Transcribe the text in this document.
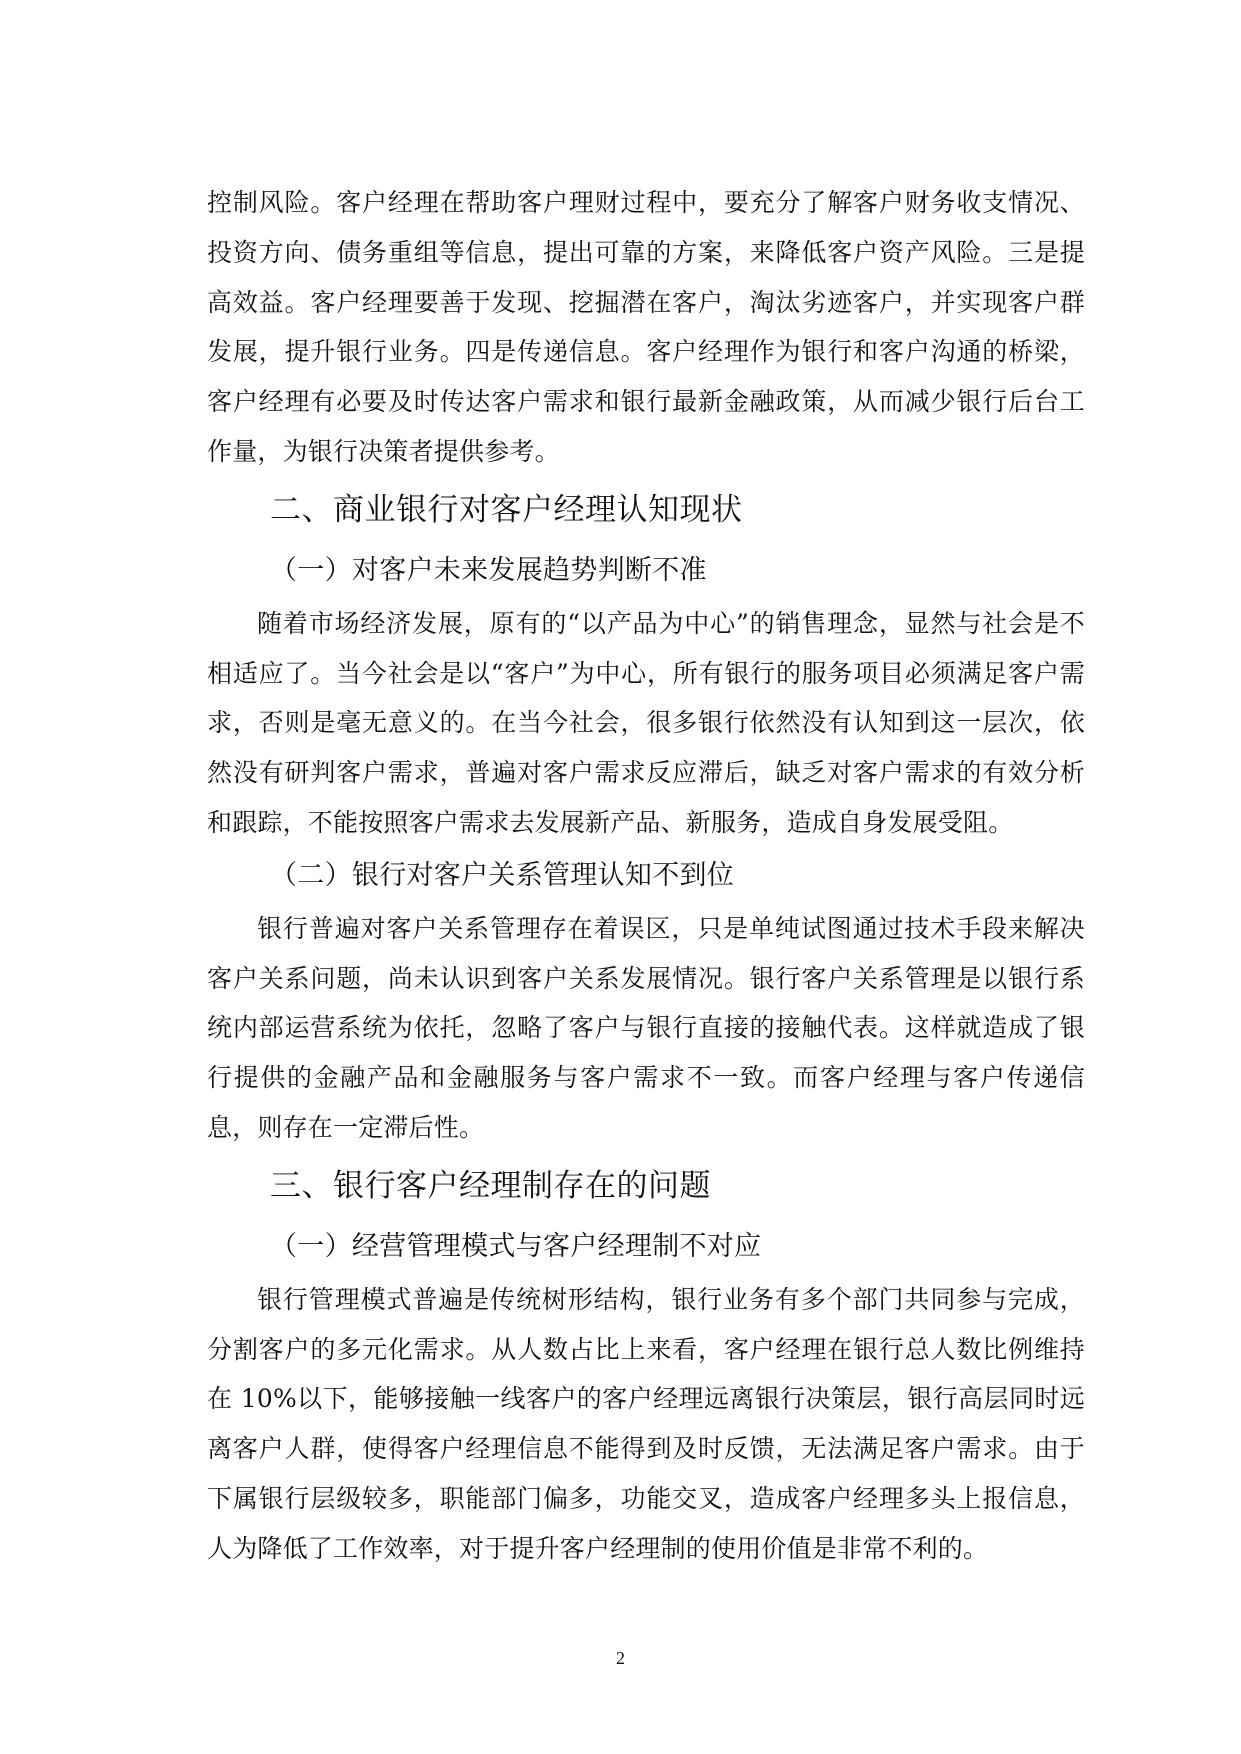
控制风险。客户经理在帮助客户理财过程中，要充分了解客户财务收支情况、投资方向、债务重组等信息，提出可靠的方案，来降低客户资产风险。三是提高效益。客户经理要善于发现、挖掘潜在客户，淘汰劣迹客户，并实现客户群发展，提升银行业务。四是传递信息。客户经理作为银行和客户沟通的桥梁，客户经理有必要及时传达客户需求和银行最新金融政策，从而减少银行后台工作量，为银行决策者提供参考。

二、商业银行对客户经理认知现状
（一）对客户未来发展趋势判断不准

随着市场经济发展，原有的“以产品为中心”的销售理念，显然与社会是不相适应了。当今社会是以“客户”为中心，所有银行的服务项目必须满足客户需求，否则是毫无意义的。在当今社会，很多银行依然没有认知到这一层次，依然没有研判客户需求，普遍对客户需求反应滞后，缺乏对客户需求的有效分析和跟踪，不能按照客户需求去发展新产品、新服务，造成自身发展受阻。

（二）银行对客户关系管理认知不到位

银行普遍对客户关系管理存在着误区，只是单纯试图通过技术手段来解决客户关系问题，尚未认识到客户关系发展情况。银行客户关系管理是以银行系统内部运营系统为依托，忽略了客户与银行直接的接触代表。这样就造成了银行提供的金融产品和金融服务与客户需求不一致。而客户经理与客户传递信息，则存在一定滞后性。

三、银行客户经理制存在的问题
（一）经营管理模式与客户经理制不对应

银行管理模式普遍是传统树形结构，银行业务有多个部门共同参与完成，分割客户的多元化需求。从人数占比上来看，客户经理在银行总人数比例维持在 10%以下，能够接触一线客户的客户经理远离银行决策层，银行高层同时远离客户人群，使得客户经理信息不能得到及时反馈，无法满足客户需求。由于下属银行层级较多，职能部门偏多，功能交叉，造成客户经理多头上报信息，人为降低了工作效率，对于提升客户经理制的使用价值是非常不利的。

2
